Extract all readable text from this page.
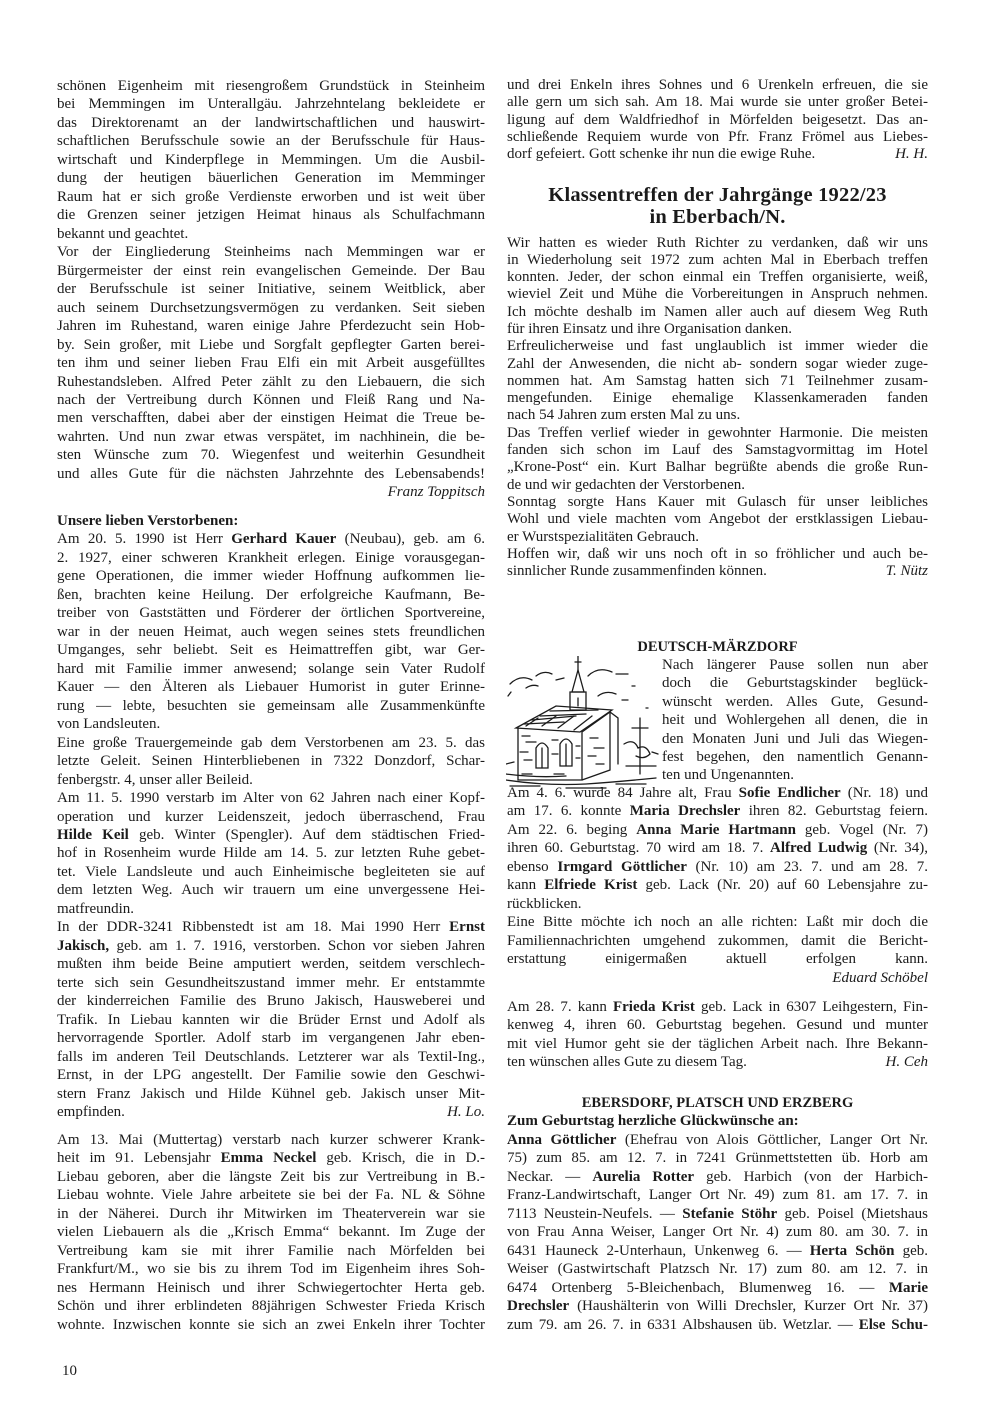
schönen Eigenheim mit riesengroßem Grundstück in Steinheim
bei Memmingen im Unterallgäu. Jahrzehntelang bekleidete er
das Direktorenamt an der landwirtschaftlichen und hauswirt-
schaftlichen Berufsschule sowie an der Berufsschule für Haus-
wirtschaft und Kinderpflege in Memmingen. Um die Ausbil-
dung der heutigen bäuerlichen Generation im Memminger
Raum hat er sich große Verdienste erworben und ist weit über
die Grenzen seiner jetzigen Heimat hinaus als Schulfachmann
bekannt und geachtet.
Vor der Eingliederung Steinheims nach Memmingen war er
Bürgermeister der einst rein evangelischen Gemeinde. Der Bau
der Berufsschule ist seiner Initiative, seinem Weitblick, aber
auch seinem Durchsetzungsvermögen zu verdanken. Seit sieben
Jahren im Ruhestand, waren einige Jahre Pferdezucht sein Hob-
by. Sein großer, mit Liebe und Sorgfalt gepflegter Garten berei-
ten ihm und seiner lieben Frau Elfi ein mit Arbeit ausgefülltes
Ruhestandsleben. Alfred Peter zählt zu den Liebauern, die sich
nach der Vertreibung durch Können und Fleiß Rang und Na-
men verschafften, dabei aber der einstigen Heimat die Treue be-
wahrten. Und nun zwar etwas verspätet, im nachhinein, die be-
sten Wünsche zum 70. Wiegenfest und weiterhin Gesundheit
und alles Gute für die nächsten Jahrzehnte des Lebensabends!
Franz Toppitsch
Unsere lieben Verstorbenen:
Am 20. 5. 1990 ist Herr Gerhard Kauer (Neubau), geb. am 6.
2. 1927, einer schweren Krankheit erlegen. Einige vorausgegan-
gene Operationen, die immer wieder Hoffnung aufkommen lie-
ßen, brachten keine Heilung. Der erfolgreiche Kaufmann, Be-
treiber von Gaststätten und Förderer der örtlichen Sportvereine,
war in der neuen Heimat, auch wegen seines stets freundlichen
Umganges, sehr beliebt. Seit es Heimattreffen gibt, war Ger-
hard mit Familie immer anwesend; solange sein Vater Rudolf
Kauer — den Älteren als Liebauer Humorist in guter Erinne-
rung — lebte, besuchten sie gemeinsam alle Zusammenkünfte
von Landsleuten.
Eine große Trauergemeinde gab dem Verstorbenen am 23. 5. das
letzte Geleit. Seinen Hinterbliebenen in 7322 Donzdorf, Schar-
fenbergstr. 4, unser aller Beileid.
Am 11. 5. 1990 verstarb im Alter von 62 Jahren nach einer Kopf-
operation und kurzer Leidenszeit, jedoch überraschend, Frau
Hilde Keil geb. Winter (Spengler). Auf dem städtischen Fried-
hof in Rosenheim wurde Hilde am 14. 5. zur letzten Ruhe gebet-
tet. Viele Landsleute und auch Einheimische begleiteten sie auf
dem letzten Weg. Auch wir trauern um eine unvergessene Hei-
matfreundin.
In der DDR-3241 Ribbenstedt ist am 18. Mai 1990 Herr Ernst
Jakisch, geb. am 1. 7. 1916, verstorben. Schon vor sieben Jahren
mußten ihm beide Beine amputiert werden, seitdem verschlech-
terte sich sein Gesundheitszustand immer mehr. Er entstammte
der kinderreichen Familie des Bruno Jakisch, Hausweberei und
Trafik. In Liebau kannten wir die Brüder Ernst und Adolf als
hervorragende Sportler. Adolf starb im vergangenen Jahr eben-
falls im anderen Teil Deutschlands. Letzterer war als Textil-Ing.,
Ernst, in der LPG angestellt. Der Familie sowie den Geschwi-
stern Franz Jakisch und Hilde Kühnel geb. Jakisch unser Mit-
empfinden.	H. Lo.
Am 13. Mai (Muttertag) verstarb nach kurzer schwerer Krank-
heit im 91. Lebensjahr Emma Neckel geb. Krisch, die in D.-
Liebau geboren, aber die längste Zeit bis zur Vertreibung in B.-
Liebau wohnte. Viele Jahre arbeitete sie bei der Fa. NL & Söhne
in der Näherei. Durch ihr Mitwirken im Theaterverein war sie
vielen Liebauern als die „Krisch Emma“ bekannt. Im Zuge der
Vertreibung kam sie mit ihrer Familie nach Mörfelden bei
Frankfurt/M., wo sie bis zu ihrem Tod im Eigenheim ihres Soh-
nes Hermann Heinisch und ihrer Schwiegertochter Herta geb.
Schön und ihrer erblindeten 88jährigen Schwester Frieda Krisch
wohnte. Inzwischen konnte sie sich an zwei Enkeln ihrer Tochter
und drei Enkeln ihres Sohnes und 6 Urenkeln erfreuen, die sie
alle gern um sich sah. Am 18. Mai wurde sie unter großer Betei-
ligung auf dem Waldfriedhof in Mörfelden beigesetzt. Das an-
schließende Requiem wurde von Pfr. Franz Frömel aus Liebes-
dorf gefeiert. Gott schenke ihr nun die ewige Ruhe.	H. H.
Klassentreffen der Jahrgänge 1922/23
in Eberbach/N.
Wir hatten es wieder Ruth Richter zu verdanken, daß wir uns
in Wiederholung seit 1972 zum achten Mal in Eberbach treffen
konnten. Jeder, der schon einmal ein Treffen organisierte, weiß,
wieviel Zeit und Mühe die Vorbereitungen in Anspruch nehmen.
Ich möchte deshalb im Namen aller auch auf diesem Weg Ruth
für ihren Einsatz und ihre Organisation danken.
Erfreulicherweise und fast unglaublich ist immer wieder die
Zahl der Anwesenden, die nicht ab- sondern sogar wieder zuge-
nommen hat. Am Samstag hatten sich 71 Teilnehmer zusam-
mengefunden. Einige ehemalige Klassenkameraden fanden
nach 54 Jahren zum ersten Mal zu uns.
Das Treffen verlief wieder in gewohnter Harmonie. Die meisten
fanden sich schon im Lauf des Samstagvormittag im Hotel
„Krone-Post“ ein. Kurt Balhar begrüßte abends die große Run-
de und wir gedachten der Verstorbenen.
Sonntag sorgte Hans Kauer mit Gulasch für unser leibliches
Wohl und viele machten vom Angebot der erstklassigen Liebau-
er Wurstspezialitäten Gebrauch.
Hoffen wir, daß wir uns noch oft in so fröhlicher und auch be-
sinnlicher Runde zusammenfinden können.	T. Nütz
DEUTSCH-MÄRZDORF
Nach längerer Pause sollen nun aber
doch die Geburtstagskinder beglück-
wünscht werden. Alles Gute, Gesund-
heit und Wohlergehen all denen, die in
den Monaten Juni und Juli das Wiegen-
fest begehen, den namentlich Genann-
ten und Ungenannten.
Am 4. 6. wurde 84 Jahre alt, Frau Sofie Endlicher (Nr. 18) und
am 17. 6. konnte Maria Drechsler ihren 82. Geburtstag feiern.
Am 22. 6. beging Anna Marie Hartmann geb. Vogel (Nr. 7)
ihren 60. Geburtstag. 70 wird am 18. 7. Alfred Ludwig (Nr. 34),
ebenso Irmgard Göttlicher (Nr. 10) am 23. 7. und am 28. 7.
kann Elfriede Krist geb. Lack (Nr. 20) auf 60 Lebensjahre zu-
rückblicken.
Eine Bitte möchte ich noch an alle richten: Laßt mir doch die
Familiennachrichten umgehend zukommen, damit die Bericht-
erstattung einigermaßen aktuell erfolgen kann.
Eduard Schöbel
Am 28. 7. kann Frieda Krist geb. Lack in 6307 Leihgestern, Fin-
kenweg 4, ihren 60. Geburtstag begehen. Gesund und munter
mit viel Humor geht sie der täglichen Arbeit nach. Ihre Bekann-
ten wünschen alles Gute zu diesem Tag.	H. Ceh
EBERSDORF, PLATSCH UND ERZBERG
Zum Geburtstag herzliche Glückwünsche an:
Anna Göttlicher (Ehefrau von Alois Göttlicher, Langer Ort Nr.
75) zum 85. am 12. 7. in 7241 Grünmettstetten üb. Horb am
Neckar. — Aurelia Rotter geb. Harbich (von der Harbich-
Franz-Landwirtschaft, Langer Ort Nr. 49) zum 81. am 17. 7. in
7113 Neustein-Neufels. — Stefanie Stöhr geb. Poisel (Mietshaus
von Frau Anna Weiser, Langer Ort Nr. 4) zum 80. am 30. 7. in
6431 Hauneck 2-Unterhaun, Unkenweg 6. — Herta Schön geb.
Weiser (Gastwirtschaft Platzsch Nr. 17) zum 80. am 12. 7. in
6474 Ortenberg 5-Bleichenbach, Blumenweg 16. — Marie
Drechsler (Haushälterin von Willi Drechsler, Kurzer Ort Nr. 37)
zum 79. am 26. 7. in 6331 Albshausen üb. Wetzlar. — Else Schu-
10
